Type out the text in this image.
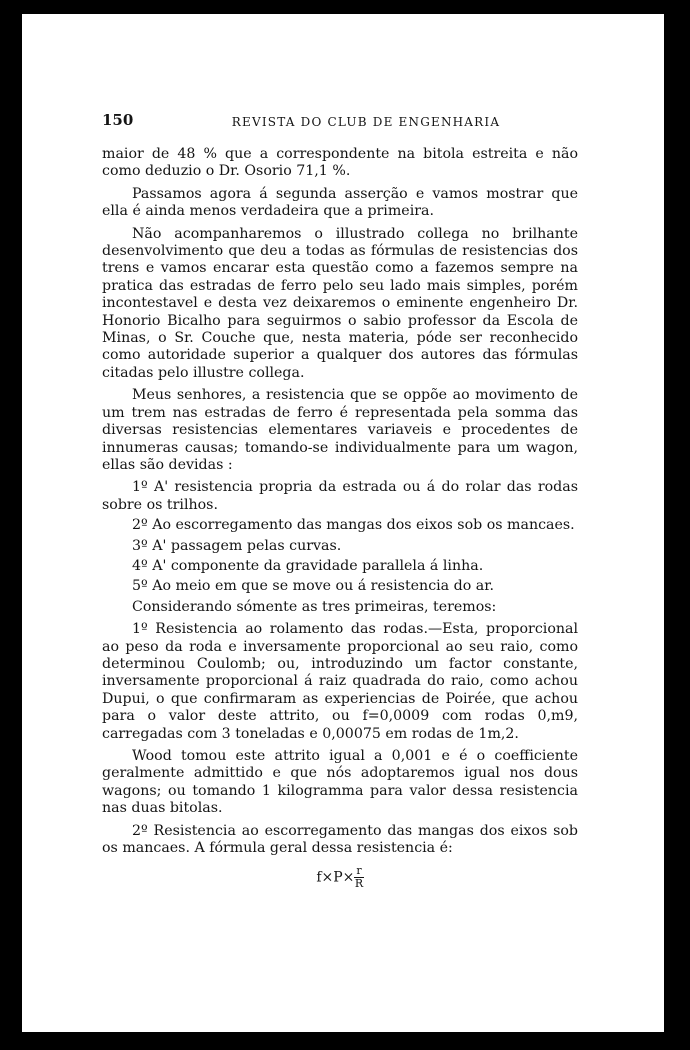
150	REVISTA DO CLUB DE ENGENHARIA

maior de 48 % que a correspondente na bitola estreita e não como deduzio o Dr. Osorio 71,1 %.

Passamos agora á segunda asserção e vamos mostrar que ella é ainda menos verdadeira que a primeira.

Não acompanharemos o illustrado collega no brilhante desenvolvimento que deu a todas as fórmulas de resistencias dos trens e vamos encarar esta questão como a fazemos sempre na pratica das estradas de ferro pelo seu lado mais simples, porém incontestavel e desta vez deixaremos o eminente engenheiro Dr. Honorio Bicalho para seguirmos o sabio professor da Escola de Minas, o Sr. Couche que, nesta materia, póde ser reconhecido como autoridade superior a qualquer dos autores das fórmulas citadas pelo illustre collega.

Meus senhores, a resistencia que se oppõe ao movimento de um trem nas estradas de ferro é representada pela somma das diversas resistencias elementares variaveis e procedentes de innumeras causas; tomando-se individualmente para um wagon, ellas são devidas :

1º A' resistencia propria da estrada ou á do rolar das rodas sobre os trilhos.
2º Ao escorregamento das mangas dos eixos sob os mancaes.
3º A' passagem pelas curvas.
4º A' componente da gravidade parallela á linha.
5º Ao meio em que se move ou á resistencia do ar.

Considerando sómente as tres primeiras, teremos:

1º Resistencia ao rolamento das rodas.—Esta, proporcional ao peso da roda e inversamente proporcional ao seu raio, como determinou Coulomb; ou, introduzindo um factor constante, inversamente proporcional á raiz quadrada do raio, como achou Dupui, o que confirmaram as experiencias de Poirée, que achou para o valor deste attrito, ou f=0,0009 com rodas 0,m9, carregadas com 3 toneladas e 0,00075 em rodas de 1m,2.

Wood tomou este attrito igual a 0,001 e é o coefficiente geralmente admittido e que nós adoptaremos igual nos dous wagons; ou tomando 1 kilogramma para valor dessa resistencia nas duas bitolas.

2º Resistencia ao escorregamento das mangas dos eixos sob os mancaes. A fórmula geral dessa resistencia é:

$f\times P\times \frac{r}{R}$
